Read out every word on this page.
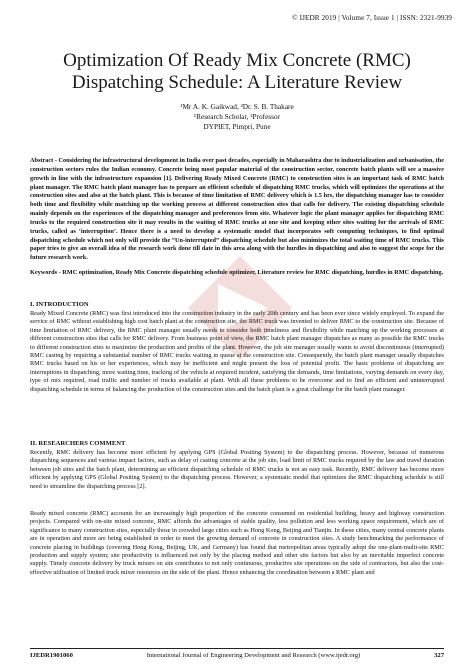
© IJEDR 2019 | Volume 7, Issue 1 | ISSN: 2321-9939
Optimization Of Ready Mix Concrete (RMC)
Dispatching Schedule: A Literature Review
¹Mr A. K. Gaikwad, ²Dr. S. B. Thakare
¹Research Scholar, ²Professor
DYPIET, Pimpri, Pune

Abstract - Considering the infrastructural development in India over past decades, especially in Maharashtra due to industrialization and urbanisation, the construction sectors rules the Indian economy. Concrete being most popular material of the construction sector, concrete batch plants will see a massive growth in line with the infrastructure expansion [1]. Delivering Ready Mixed Concrete (RMC) to construction sites is an important task of RMC batch plant manager. The RMC batch plant manager has to prepare an efficient schedule of dispatching RMC trucks, which will optimizes the operations at the construction sites and also at the batch plant. This is because of time limitation of RMC delivery which is 1.5 hrs, the dispatching manager has to consider both time and flexibility while matching up the working process at different construction sites that calls for delivery. The existing dispatching schedule mainly depends on the experiences of the dispatching manager and preferences from site. Whatever logic the plant manager applies for dispatching RMC trucks to the required construction site it may results in the waiting of RMC trucks at one site and keeping other sites waiting for the arrivals of RMC trucks, called as ‘interruption’. Hence there is a need to develop a systematic model that incorporates soft computing techniques, to find optimal dispatching schedule which not only will provide the “Un-interrupted” dispatching schedule but also minimizes the total waiting time of RMC trucks. This paper tries to give an overall idea of the research work done till date in this area along with the hurdles in dispatching and also to suggest the scope for the future research work.

Keywords - RMC optimization, Ready Mix Concrete dispatching schedule optimizer, Literature review for RMC dispatching, hurdles in RMC dispatching.

I. INTRODUCTION

Ready Mixed Concrete (RMC) was first introduced into the construction industry in the early 20th century and has been ever since widely employed. To expand the service of RMC without establishing high cost batch plant at the construction site, the RMC truck was invented to deliver RMC to the construction site. Because of time limitation of RMC delivery, the RMC plant manager usually needs to consider both timeliness and flexibility while matching up the working processes at different construction sites that calls for RMC delivery. From business point of view, the RMC batch plant manager dispatches as many as possible the RMC trucks to different construction sites to maximize the production and profits of the plant. However, the job site manager usually wants to avoid discontinuous (interrupted) RMC casting by requiring a substantial number of RMC trucks waiting in queue at the construction site. Consequently, the batch plant manager usually dispatches RMC trucks based on his or her experiences, which may be inefficient and might present the loss of potential profit. The basic problems of dispatching are interruptions in dispatching, more waiting time, tracking of the vehicle at required incident, satisfying the demands, time limitations, varying demands on every day, type of mix required, road traffic and number of trucks available at plant. With all these problems to be overcome and to find an efficient and uninterrupted dispatching schedule in terms of balancing the production of the construction sites and the batch plant is a great challenge for the batch plant manager.

II. RESEARCHERS COMMENT

Recently, RMC delivery has become more efficient by applying GPS (Global Positing System) to the dispatching process. However, because of numerous dispatching sequences and various impact factors, such as delay of casting concrete at the job site, load limit of RMC trucks required by the law and travel duration between job sites and the batch plant, determining an efficient dispatching schedule of RMC trucks is not an easy task. Recently, RMC delivery has become more efficient by applying GPS (Global Positing System) to the dispatching process. However, a systematic model that optimizes the RMC dispatching schedule is still need to streamline the dispatching process [2].

Ready mixed concrete (RMC) accounts for an increasingly high proportion of the concrete consumed on residential building, heavy and highway construction projects. Compared with on-site mixed concrete, RMC affords the advantages of stable quality, less pollution and less working space requirement, which are of significance to many construction sites, especially those in crowded large cities such as Hong Kong, Beijing and Tianjin. In these cities, many central concrete plants are in operation and more are being established in order to meet the growing demand of concrete in construction sites. A study benchmarking the performance of concrete placing in buildings (covering Hong Kong, Beijing, UK, and Germany) has found that metropolitan areas typically adopt the one-plant-multi-site RMC production and supply system; site productivity is influenced not only by the placing method and other site factors but also by an inevitable imperfect concrete supply. Timely concrete delivery by truck mixers on site contributes to not only continuous, productive site operations on the side of contractors, but also the cost-effective utilization of limited truck mixer resources on the side of the plant. Hence enhancing the coordination between a RMC plant and

IJEDR1901060	International Journal of Engineering Development and Research (www.ijedr.org)	327
